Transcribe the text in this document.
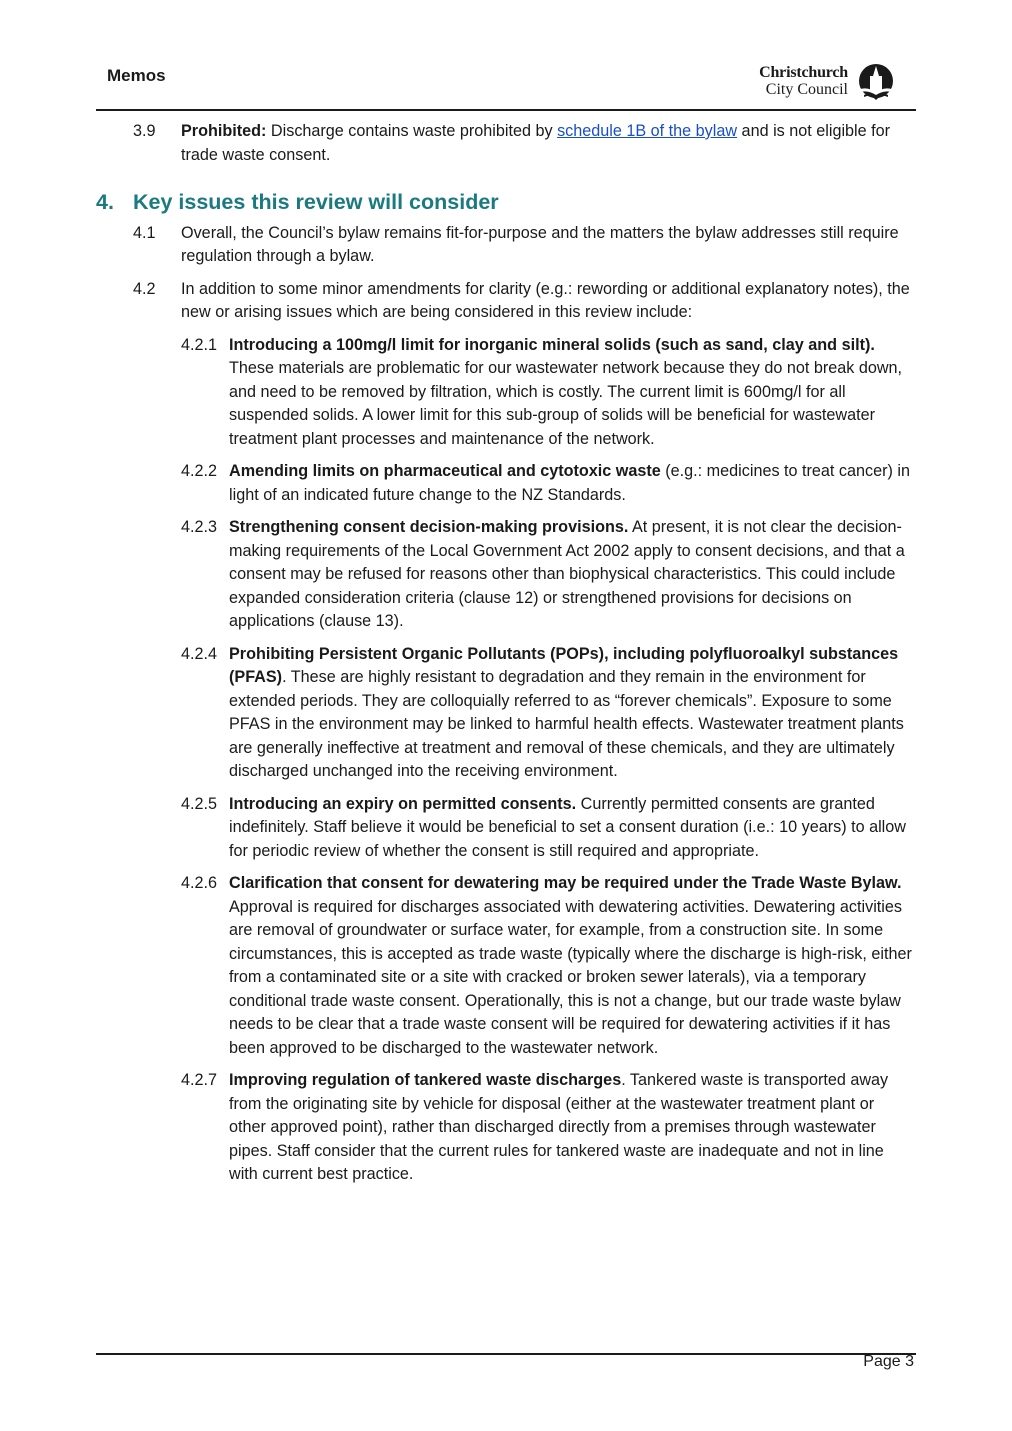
Memos	Christchurch
City Council
3.9	Prohibited: Discharge contains waste prohibited by schedule 1B of the bylaw and is not eligible for trade waste consent.
4. Key issues this review will consider
4.1	Overall, the Council’s bylaw remains fit-for-purpose and the matters the bylaw addresses still require regulation through a bylaw.
4.2	In addition to some minor amendments for clarity (e.g.: rewording or additional explanatory notes), the new or arising issues which are being considered in this review include:
4.2.1 Introducing a 100mg/l limit for inorganic mineral solids (such as sand, clay and silt). These materials are problematic for our wastewater network because they do not break down, and need to be removed by filtration, which is costly. The current limit is 600mg/l for all suspended solids. A lower limit for this sub-group of solids will be beneficial for wastewater treatment plant processes and maintenance of the network.
4.2.2 Amending limits on pharmaceutical and cytotoxic waste (e.g.: medicines to treat cancer) in light of an indicated future change to the NZ Standards.
4.2.3 Strengthening consent decision-making provisions. At present, it is not clear the decision-making requirements of the Local Government Act 2002 apply to consent decisions, and that a consent may be refused for reasons other than biophysical characteristics. This could include expanded consideration criteria (clause 12) or strengthened provisions for decisions on applications (clause 13).
4.2.4 Prohibiting Persistent Organic Pollutants (POPs), including polyfluoroalkyl substances (PFAS). These are highly resistant to degradation and they remain in the environment for extended periods. They are colloquially referred to as “forever chemicals”. Exposure to some PFAS in the environment may be linked to harmful health effects. Wastewater treatment plants are generally ineffective at treatment and removal of these chemicals, and they are ultimately discharged unchanged into the receiving environment.
4.2.5 Introducing an expiry on permitted consents. Currently permitted consents are granted indefinitely. Staff believe it would be beneficial to set a consent duration (i.e.: 10 years) to allow for periodic review of whether the consent is still required and appropriate.
4.2.6 Clarification that consent for dewatering may be required under the Trade Waste Bylaw. Approval is required for discharges associated with dewatering activities. Dewatering activities are removal of groundwater or surface water, for example, from a construction site. In some circumstances, this is accepted as trade waste (typically where the discharge is high-risk, either from a contaminated site or a site with cracked or broken sewer laterals), via a temporary conditional trade waste consent. Operationally, this is not a change, but our trade waste bylaw needs to be clear that a trade waste consent will be required for dewatering activities if it has been approved to be discharged to the wastewater network.
4.2.7 Improving regulation of tankered waste discharges. Tankered waste is transported away from the originating site by vehicle for disposal (either at the wastewater treatment plant or other approved point), rather than discharged directly from a premises through wastewater pipes. Staff consider that the current rules for tankered waste are inadequate and not in line with current best practice.
Page 3
